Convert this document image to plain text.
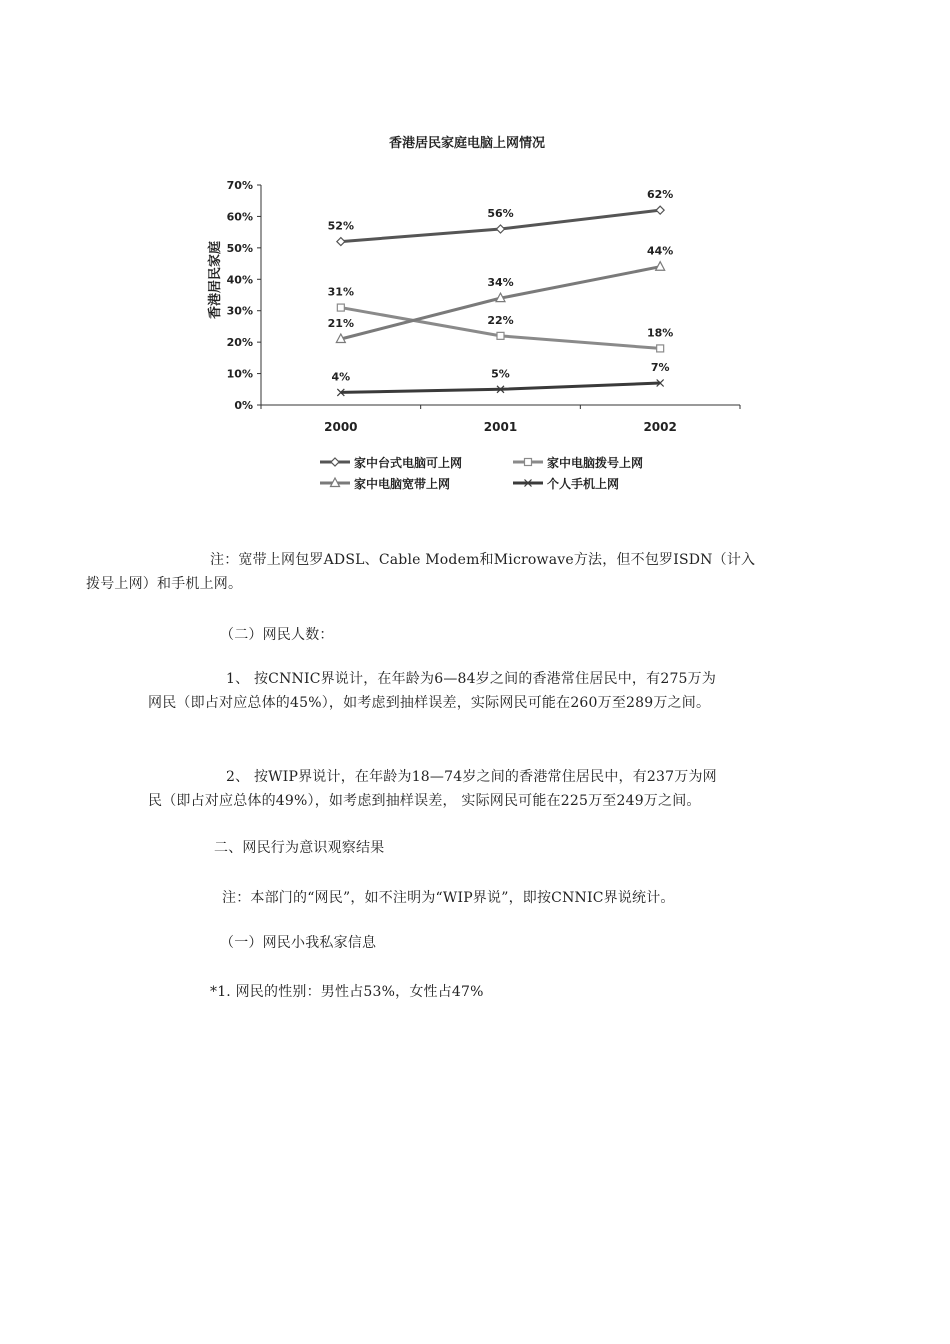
香港居民家庭电脑上网情况
香港居民家庭
0%
10%
20%
30%
40%
50%
60%
70%
2000	2001	2002
52%
56%
62%
31%
22%
18%
21%
34%
44%
4%	5%	7%
家中台式电脑可上网	家中电脑拨号上网
家中电脑宽带上网	个人手机上网

注：宽带上网包罗ADSL、Cable Modem和Microwave方法，但不包罗ISDN（计入
拨号上网）和手机上网。

（二）网民人数：

1、 按CNNIC界说计，在年龄为6—84岁之间的香港常住居民中，有275万为
网民（即占对应总体的45%），如考虑到抽样误差，实际网民可能在260万至289万之间。

2、 按WIP界说计，在年龄为18—74岁之间的香港常住居民中，有237万为网
民（即占对应总体的49%），如考虑到抽样误差， 实际网民可能在225万至249万之间。

二、网民行为意识观察结果

注：本部门的“网民”，如不注明为“WIP界说”，即按CNNIC界说统计。

（一）网民小我私家信息

*1. 网民的性别：男性占53%，女性占47%
